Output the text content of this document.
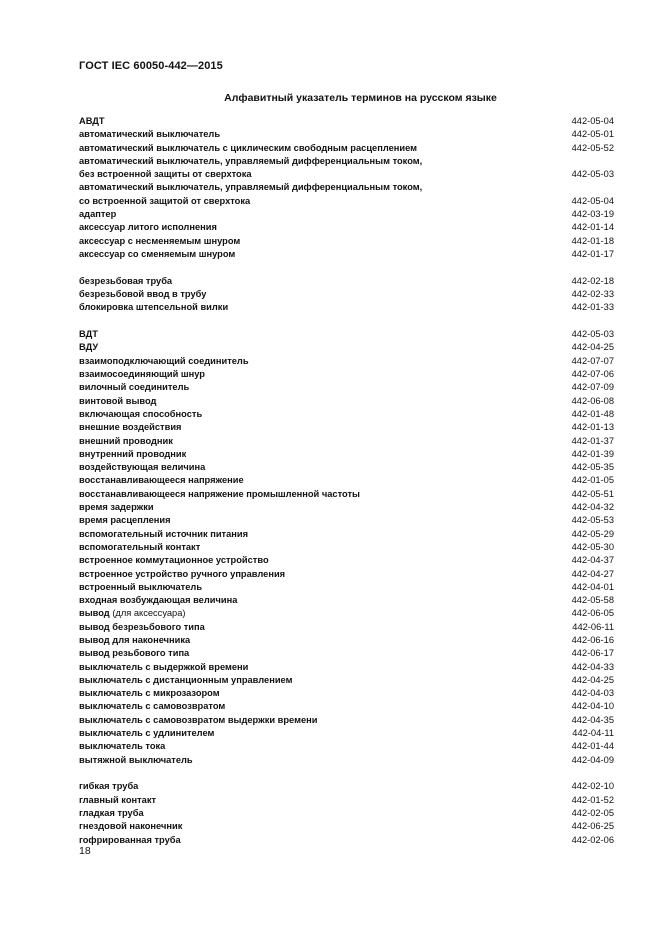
ГОСТ IEC 60050-442—2015
Алфавитный указатель терминов на русском языке
АВДТ	442-05-04
автоматический выключатель	442-05-01
автоматический выключатель с циклическим свободным расцеплением	442-05-52
автоматический выключатель, управляемый дифференциальным током,
без встроенной защиты от сверхтока	442-05-03
автоматический выключатель, управляемый дифференциальным током,
со встроенной защитой от сверхтока	442-05-04
адаптер	442-03-19
аксессуар литого исполнения	442-01-14
аксессуар с несменяемым шнуром	442-01-18
аксессуар со сменяемым шнуром	442-01-17
безрезьбовая труба	442-02-18
безрезьбовой ввод в трубу	442-02-33
блокировка штепсельной вилки	442-01-33
ВДТ	442-05-03
ВДУ	442-04-25
взаимоподключающий соединитель	442-07-07
взаимосоединяющий шнур	442-07-06
вилочный соединитель	442-07-09
винтовой вывод	442-06-08
включающая способность	442-01-48
внешние воздействия	442-01-13
внешний проводник	442-01-37
внутренний проводник	442-01-39
воздействующая величина	442-05-35
восстанавливающееся напряжение	442-01-05
восстанавливающееся напряжение промышленной частоты	442-05-51
время задержки	442-04-32
время расцепления	442-05-53
вспомогательный источник питания	442-05-29
вспомогательный контакт	442-05-30
встроенное коммутационное устройство	442-04-37
встроенное устройство ручного управления	442-04-27
встроенный выключатель	442-04-01
входная возбуждающая величина	442-05-58
вывод (для аксессуара)	442-06-05
вывод безрезьбового типа	442-06-11
вывод для наконечника	442-06-16
вывод резьбового типа	442-06-17
выключатель с выдержкой времени	442-04-33
выключатель с дистанционным управлением	442-04-25
выключатель с микрозазором	442-04-03
выключатель с самовозвратом	442-04-10
выключатель с самовозвратом выдержки времени	442-04-35
выключатель с удлинителем	442-04-11
выключатель тока	442-01-44
вытяжной выключатель	442-04-09
гибкая труба	442-02-10
главный контакт	442-01-52
гладкая труба	442-02-05
гнездовой наконечник	442-06-25
гофрированная труба	442-02-06
18
